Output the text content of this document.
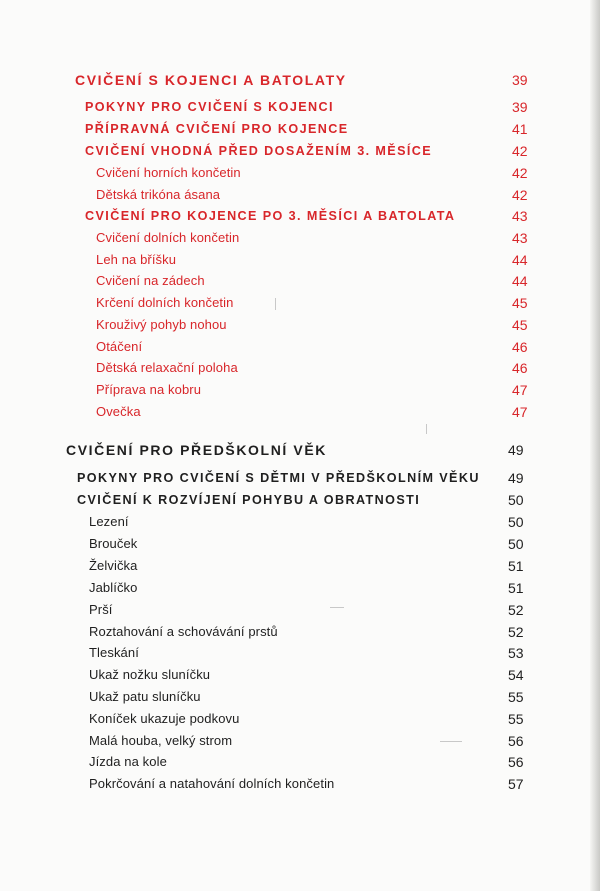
CVIČENÍ S KOJENCI A BATOLATY	39
POKYNY PRO CVIČENÍ S KOJENCI	39
PŘÍPRAVNÁ CVIČENÍ PRO KOJENCE	41
CVIČENÍ VHODNÁ PŘED DOSAŽENÍM 3. MĚSÍCE	42
Cvičení horních končetin	42
Dětská trikóna ásana	42
CVIČENÍ PRO KOJENCE PO 3. MĚSÍCI A BATOLATA	43
Cvičení dolních končetin	43
Leh na bříšku	44
Cvičení na zádech	44
Krčení dolních končetin	45
Krouživý pohyb nohou	45
Otáčení	46
Dětská relaxační poloha	46
Příprava na kobru	47
Ovečka	47
CVIČENÍ PRO PŘEDŠKOLNÍ VĚK	49
POKYNY PRO CVIČENÍ S DĚTMI V PŘEDŠKOLNÍM VĚKU 49
CVIČENÍ K ROZVÍJENÍ POHYBU A OBRATNOSTI	50
Lezení	50
Brouček	50
Želvička	51
Jablíčko	51
Prší	52
Roztahování a schovávání prstů	52
Tleskání	53
Ukaž nožku sluníčku	54
Ukaž patu sluníčku	55
Koníček ukazuje podkovu	55
Malá houba, velký strom	56
Jízda na kole	56
Pokrčování a natahování dolních končetin	57
